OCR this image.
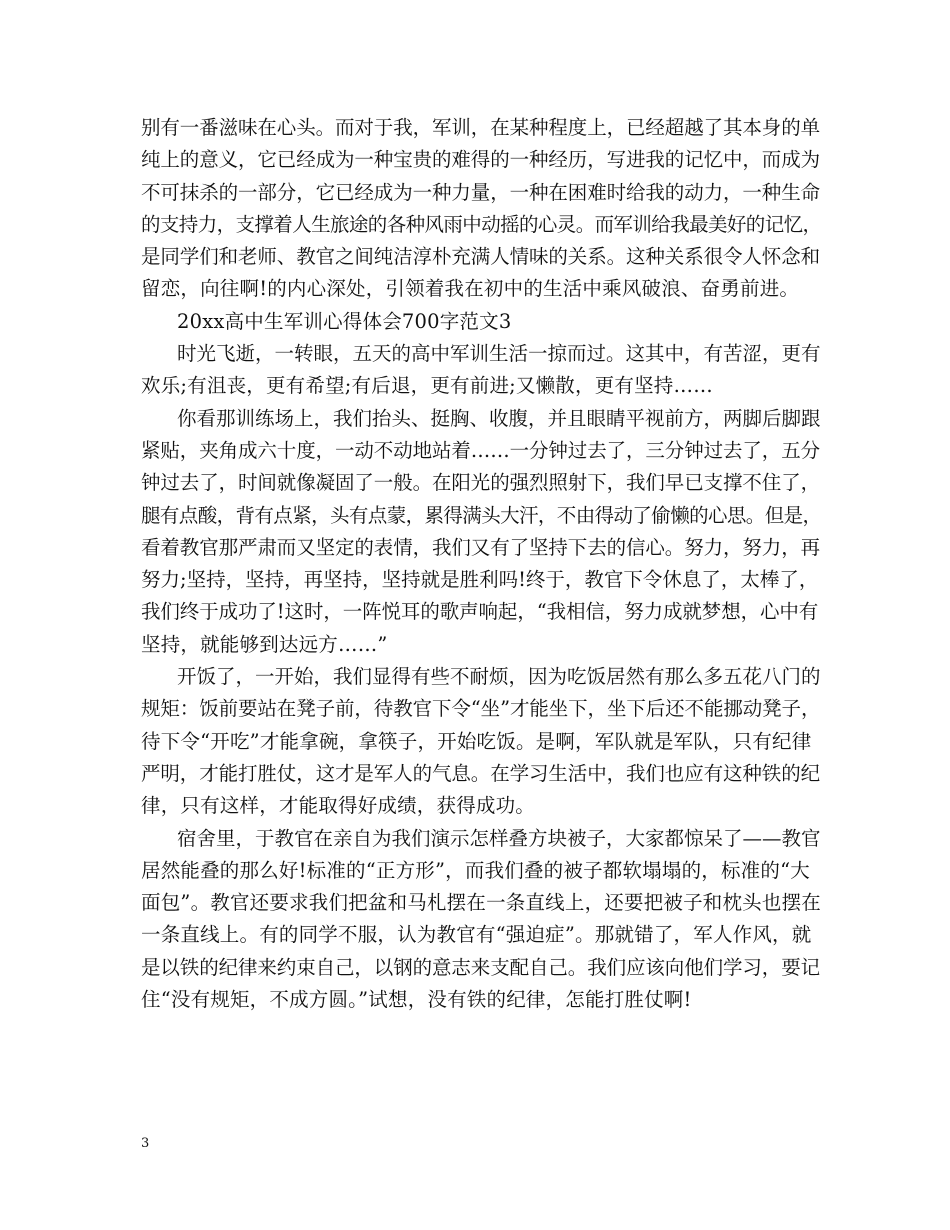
别有一番滋味在心头。而对于我，军训，在某种程度上，已经超越了其本身的单
纯上的意义，它已经成为一种宝贵的难得的一种经历，写进我的记忆中，而成为
不可抹杀的一部分，它已经成为一种力量，一种在困难时给我的动力，一种生命
的支持力，支撑着人生旅途的各种风雨中动摇的心灵。而军训给我最美好的记忆，
是同学们和老师、教官之间纯洁淳朴充满人情味的关系。这种关系很令人怀念和
留恋，向往啊!的内心深处，引领着我在初中的生活中乘风破浪、奋勇前进。
20xx高中生军训心得体会700字范文3
时光飞逝，一转眼，五天的高中军训生活一掠而过。这其中，有苦涩，更有
欢乐;有沮丧，更有希望;有后退，更有前进;又懒散，更有坚持……
你看那训练场上，我们抬头、挺胸、收腹，并且眼睛平视前方，两脚后脚跟
紧贴，夹角成六十度，一动不动地站着……一分钟过去了，三分钟过去了，五分
钟过去了，时间就像凝固了一般。在阳光的强烈照射下，我们早已支撑不住了，
腿有点酸，背有点紧，头有点蒙，累得满头大汗，不由得动了偷懒的心思。但是，
看着教官那严肃而又坚定的表情，我们又有了坚持下去的信心。努力，努力，再
努力;坚持，坚持，再坚持，坚持就是胜利吗!终于，教官下令休息了，太棒了，
我们终于成功了!这时，一阵悦耳的歌声响起，“我相信，努力成就梦想，心中有
坚持，就能够到达远方……”
开饭了，一开始，我们显得有些不耐烦，因为吃饭居然有那么多五花八门的
规矩：饭前要站在凳子前，待教官下令“坐”才能坐下，坐下后还不能挪动凳子，
待下令“开吃”才能拿碗，拿筷子，开始吃饭。是啊，军队就是军队，只有纪律
严明，才能打胜仗，这才是军人的气息。在学习生活中，我们也应有这种铁的纪
律，只有这样，才能取得好成绩，获得成功。
宿舍里，于教官在亲自为我们演示怎样叠方块被子，大家都惊呆了——教官
居然能叠的那么好!标准的“正方形”，而我们叠的被子都软塌塌的，标准的“大
面包”。教官还要求我们把盆和马札摆在一条直线上，还要把被子和枕头也摆在
一条直线上。有的同学不服，认为教官有“强迫症”。那就错了，军人作风，就
是以铁的纪律来约束自己，以钢的意志来支配自己。我们应该向他们学习，要记
住“没有规矩，不成方圆。”试想，没有铁的纪律，怎能打胜仗啊!
3
